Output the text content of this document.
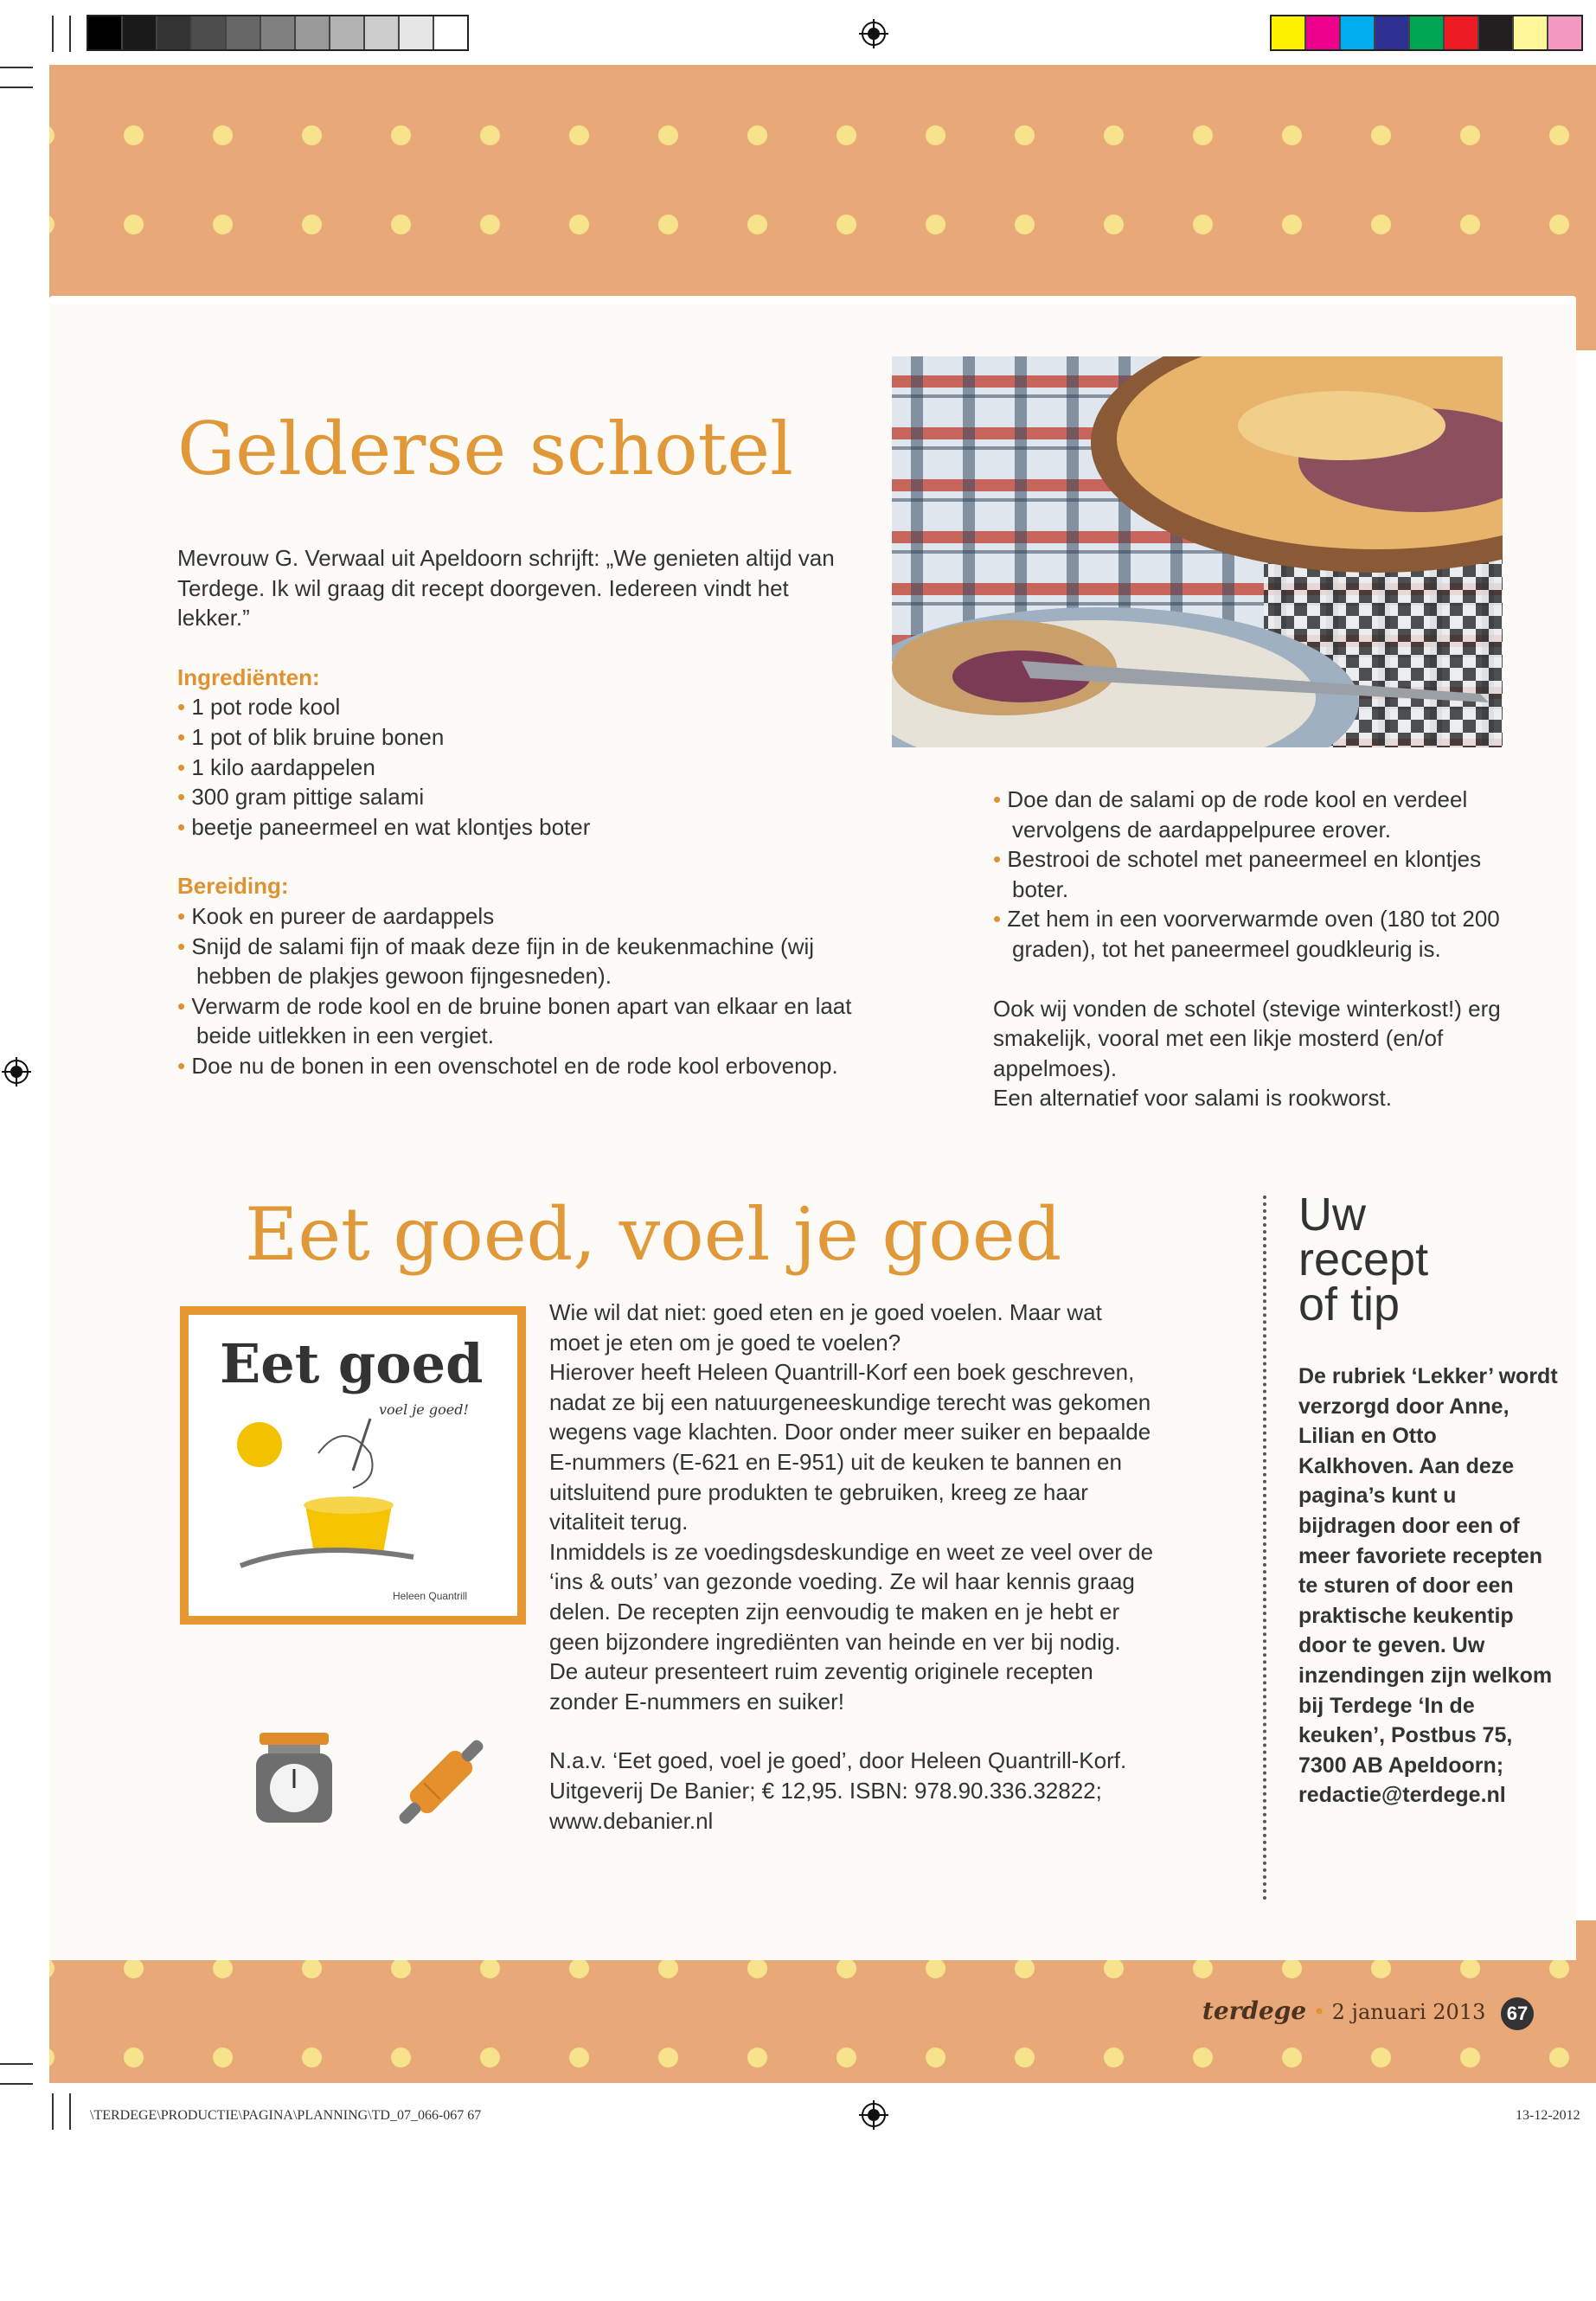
Gelderse schotel

Mevrouw G. Verwaal uit Apeldoorn schrijft: „We genieten altijd van Terdege. Ik wil graag dit recept doorgeven. Iedereen vindt het lekker.”

Ingrediënten:

• 1 pot rode kool

• 1 pot of blik bruine bonen

• 1 kilo aardappelen

• 300 gram pittige salami

• beetje paneermeel en wat klontjes boter

Bereiding:

• Kook en pureer de aardappels

• Snijd de salami fijn of maak deze fijn in de keukenmachine (wij hebben de plakjes gewoon fijngesneden).

• Verwarm de rode kool en de bruine bonen apart van elkaar en laat beide uitlekken in een vergiet.

• Doe nu de bonen in een ovenschotel en de rode kool erbovenop.

• Doe dan de salami op de rode kool en verdeel vervolgens de aardappelpuree erover.

• Bestrooi de schotel met paneermeel en klontjes boter.

• Zet hem in een voorverwarmde oven (180 tot 200 graden), tot het paneermeel goudkleurig is.

Ook wij vonden de schotel (stevige winterkost!) erg smakelijk, vooral met een likje mosterd (en/of appelmoes).

Een alternatief voor salami is rookworst.

Eet goed, voel je goed
Eet goed
voel je goed!
Heleen Quantrill

Wie wil dat niet: goed eten en je goed voelen. Maar wat moet je eten om je goed te voelen?

Hierover heeft Heleen Quantrill-Korf een boek geschreven, nadat ze bij een natuurgeneeskundige terecht was gekomen wegens vage klachten. Door onder meer suiker en bepaalde E-nummers (E-621 en E-951) uit de keuken te bannen en uitsluitend pure produkten te gebruiken, kreeg ze haar vitaliteit terug.

Inmiddels is ze voedingsdeskundige en weet ze veel over de ‘ins & outs’ van gezonde voeding. Ze wil haar kennis graag delen. De recepten zijn eenvoudig te maken en je hebt er geen bijzondere ingrediënten van heinde en ver bij nodig. De auteur presenteert ruim zeventig originele recepten zonder E-nummers en suiker!

N.a.v. ‘Eet goed, voel je goed’, door Heleen Quantrill-Korf.

Uitgeverij De Banier; € 12,95. ISBN: 978.90.336.32822;

www.debanier.nl

Uw
recept
of tip
De rubriek ‘Lekker’ wordt verzorgd door Anne, Lilian en Otto Kalkhoven. Aan deze pagina’s kunt u bijdragen door een of meer favoriete recepten te sturen of door een praktische keukentip door te geven. Uw inzendingen zijn welkom bij Terdege ‘In de keuken’, Postbus 75, 7300 AB Apeldoorn; redactie@terdege.nl
terdege • 2 januari 2013 67
\TERDEGE\PRODUCTIE\PAGINA\PLANNING\TD_07_066-067 67	13-12-2012
